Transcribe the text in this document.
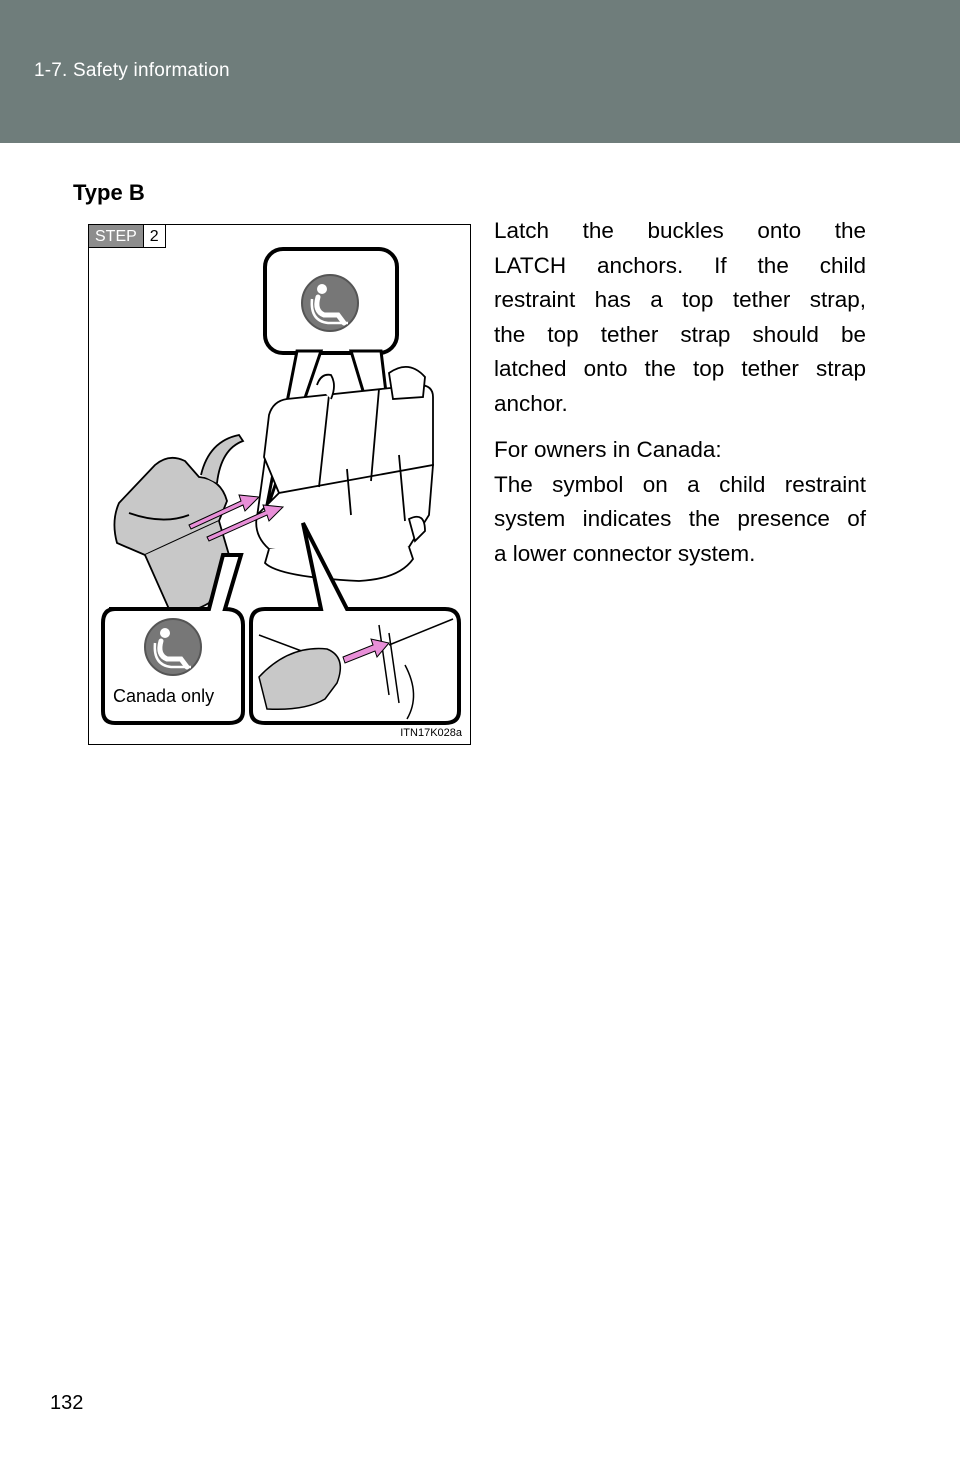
1-7. Safety information
Type B
STEP 2
Canada only
ITN17K028a
Latch the buckles onto the
LATCH anchors. If the child
restraint has a top tether strap,
the top tether strap should be
latched onto the top tether strap
anchor.

For owners in Canada:

The symbol on a child restraint
system indicates the presence of
a lower connector system.
132
